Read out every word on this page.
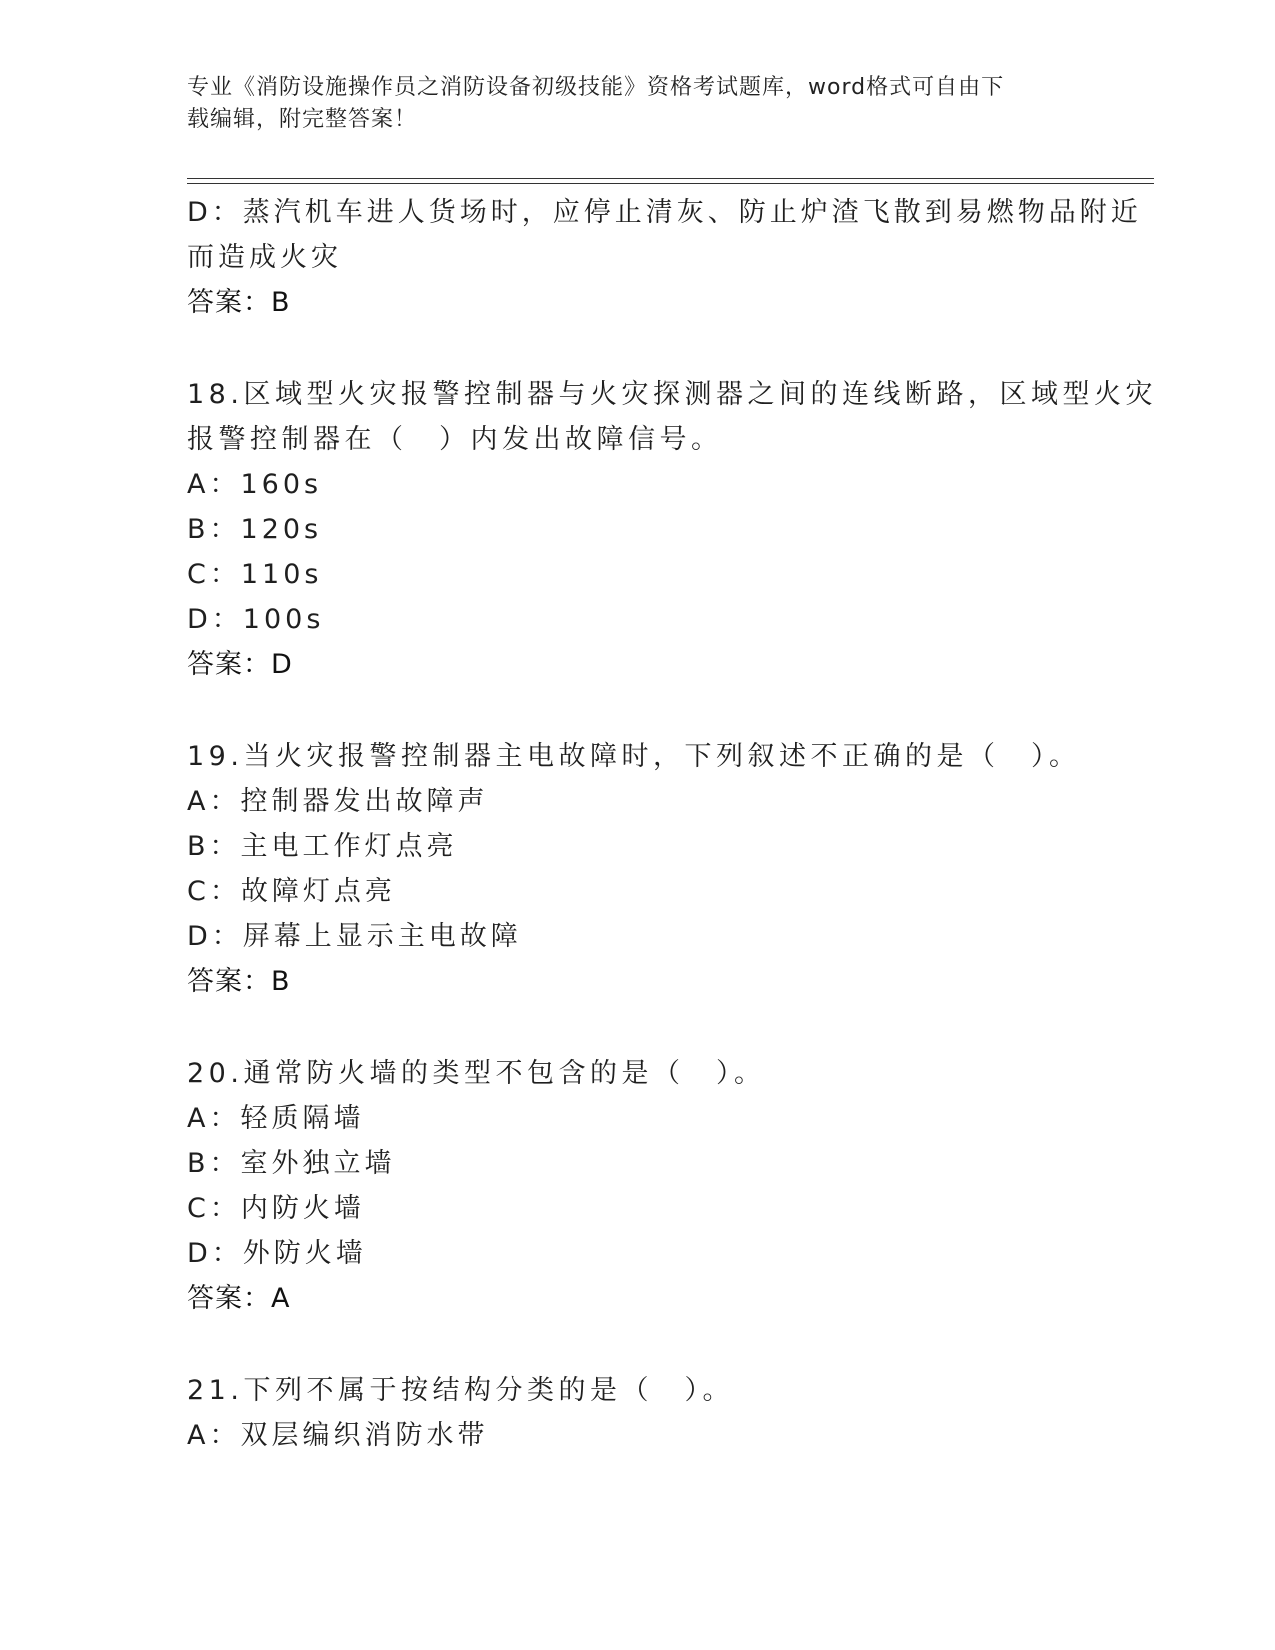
专业《消防设施操作员之消防设备初级技能》资格考试题库，word格式可自由下
载编辑，附完整答案！
D：蒸汽机车进人货场时，应停止清灰、防止炉渣飞散到易燃物品附近
而造成火灾
答案：B
18.区域型火灾报警控制器与火灾探测器之间的连线断路，区域型火灾
报警控制器在（　）内发出故障信号。
A：160s
B：120s
C：110s
D：100s
答案：D
19.当火灾报警控制器主电故障时，下列叙述不正确的是（　）。
A：控制器发出故障声
B：主电工作灯点亮
C：故障灯点亮
D：屏幕上显示主电故障
答案：B
20.通常防火墙的类型不包含的是（　）。
A：轻质隔墙
B：室外独立墙
C：内防火墙
D：外防火墙
答案：A
21.下列不属于按结构分类的是（　）。
A：双层编织消防水带
